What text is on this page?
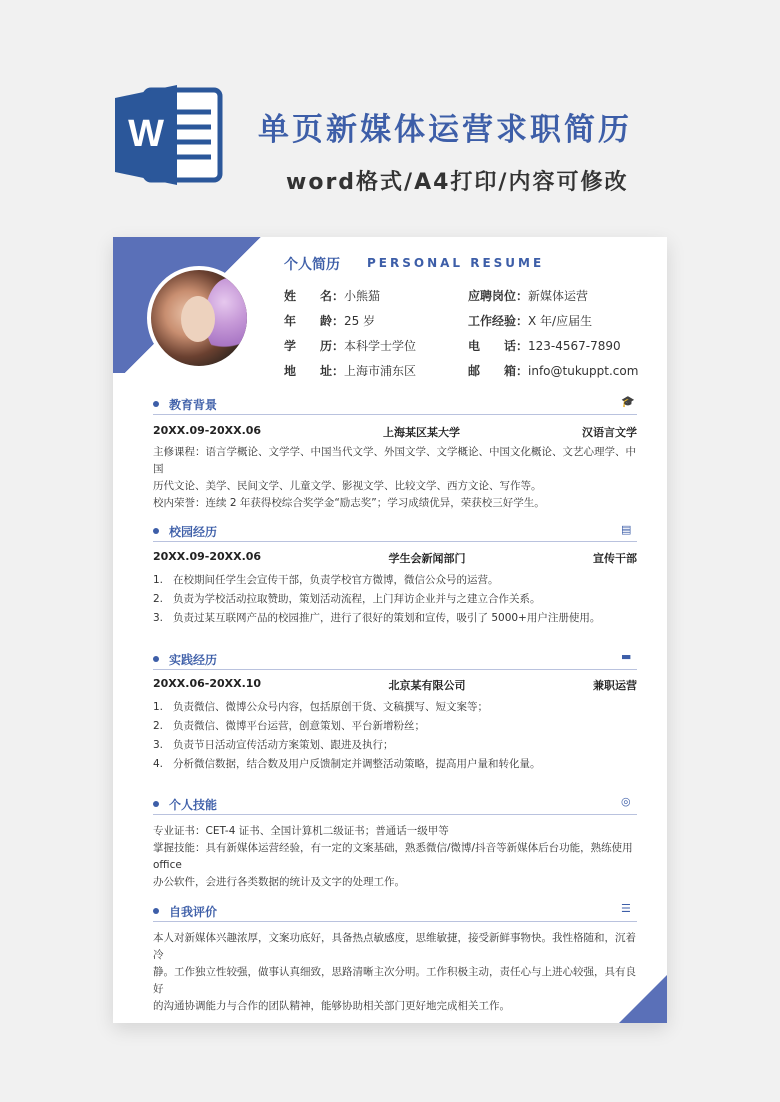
W	单页新媒体运营求职简历
word格式/A4打印/内容可修改
个人简历 PERSONAL RESUME
姓　　名：小熊猫
年　　龄：25 岁
学　　历：本科学士学位
地　　址：上海市浦东区
应聘岗位：新媒体运营
工作经验：X 年/应届生
电　　话：123-4567-7890
邮　　箱：info@tukuppt.com
教育背景	🎓
20XX.09-20XX.06	上海某区某大学	汉语言文学
主修课程：语言学概论、文学学、中国当代文学、外国文学、文学概论、中国文化概论、文艺心理学、中国
历代文论、美学、民间文学、儿童文学、影视文学、比较文学、西方文论、写作等。
校内荣誉：连续 2 年获得校综合奖学金“励志奖”；学习成绩优异，荣获校三好学生。
校园经历	▤
20XX.09-20XX.06	学生会新闻部门	宣传干部
1. 在校期间任学生会宣传干部，负责学校官方微博，微信公众号的运营。
2. 负责为学校活动拉取赞助，策划活动流程，上门拜访企业并与之建立合作关系。
3. 负责过某互联网产品的校园推广，进行了很好的策划和宣传，吸引了 5000+用户注册使用。
实践经历	▬
20XX.06-20XX.10	北京某有限公司	兼职运营
1. 负责微信、微博公众号内容，包括原创干货、文稿撰写、短文案等；
2. 负责微信、微博平台运营，创意策划、平台新增粉丝；
3. 负责节日活动宣传活动方案策划、跟进及执行；
4. 分析微信数据，结合数及用户反馈制定并调整活动策略，提高用户量和转化量。
个人技能	◎
专业证书：CET-4 证书、全国计算机二级证书；普通话一级甲等
掌握技能：具有新媒体运营经验，有一定的文案基础，熟悉微信/微博/抖音等新媒体后台功能，熟练使用 office
办公软件，会进行各类数据的统计及文字的处理工作。
自我评价	☰
本人对新媒体兴趣浓厚，文案功底好，具备热点敏感度，思维敏捷，接受新鲜事物快。我性格随和，沉着冷
静。工作独立性较强，做事认真细致，思路清晰主次分明。工作积极主动，责任心与上进心较强，具有良好
的沟通协调能力与合作的团队精神，能够协助相关部门更好地完成相关工作。
